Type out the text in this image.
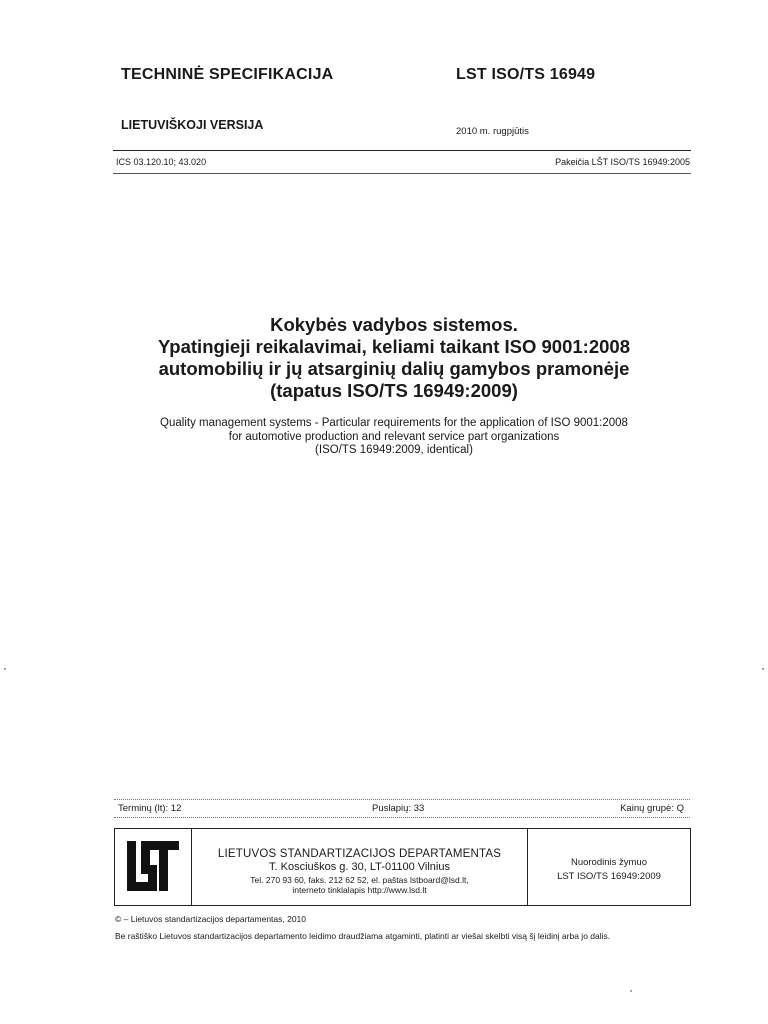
TECHNINĖ SPECIFIKACIJA	LST ISO/TS 16949
LIETUVIŠKOJI VERSIJA	2010 m. rugpjūtis
ICS 03.120.10; 43.020	Pakeičia LŠT ISO/TS 16949:2005
Kokybės vadybos sistemos.
Ypatingieji reikalavimai, keliami taikant ISO 9001:2008
automobilių ir jų atsarginių dalių gamybos pramonėje
(tapatus ISO/TS 16949:2009)
Quality management systems - Particular requirements for the application of ISO 9001:2008
for automotive production and relevant service part organizations
(ISO/TS 16949:2009, identical)
Terminų (lt): 12	Puslapių: 33	Kainų grupė: Q
LIETUVOS STANDARTIZACIJOS DEPARTAMENTAS
T. Kosciuškos g. 30, LT-01100 Vilnius
Tel. 270 93 60, faks. 212 62 52, el. paštas lstboard@lsd.lt,
interneto tinklalapis http://www.lsd.lt
Nuorodinis žymuo
LST ISO/TS 16949:2009
© – Lietuvos standartizacijos departamentas, 2010
Be raštiško Lietuvos standartizacijos departamento leidimo draudžiama atgaminti, platinti ar viešai skelbti visą šį leidinį arba jo dalis.
